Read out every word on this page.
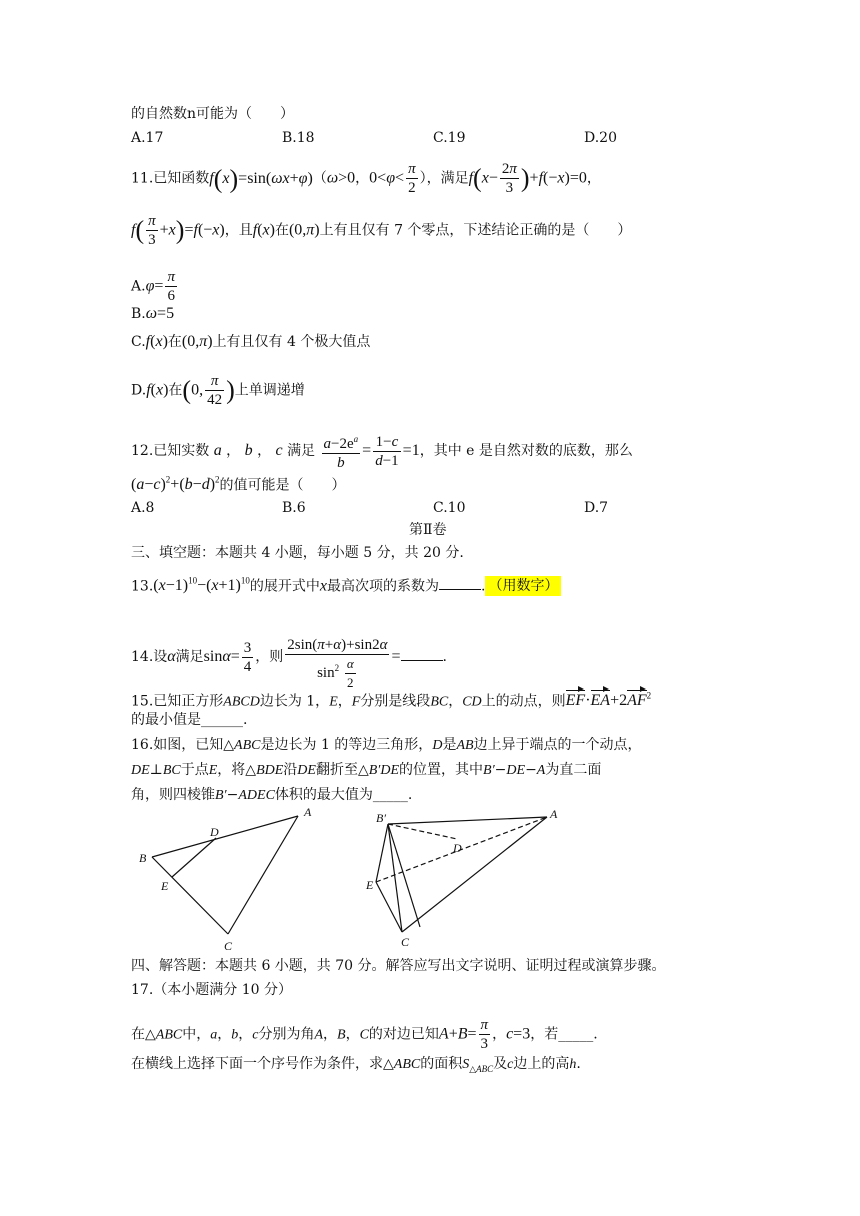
的自然数n可能为（　　）
A.17	B.18	C.19	D.20
11.已知函数f(x)=sin(ωx+φ)（ω>0，$0<\varphi< \frac{\pi}{2}$ ），满足$f(x- \frac{2\pi}{3} )+f(-x)=0$，
$f( \frac{\pi}{3} +x)=f(-x)$，且f(x)在(0,π)上有且仅有 7 个零点，下述结论正确的是（　　）
$A.\varphi= \frac{\pi}{6}$
B.ω=5
C.f(x)在(0,π)上有且仅有 4 个极大值点
D.f(x)在(0, $\frac{\pi}{42}$ )上单调递增
12.已知实数 a ， b ， c 满足 $\frac{a-2e^a}{b} = \frac{1-c}{d-1} =1$，其中 e 是自然对数的底数，那么
$(a-c)^2+(b-d)^2$的值可能是（　　）
A.8	B.6	C.10	D.7
第Ⅱ卷
三、填空题：本题共 4 小题，每小题 5 分，共 20 分.
$13.(x-1)^{10}-(x+1)^{10}$的展开式中x最高次项的系数为	. （用数字）
14.设α满足$\sin\alpha= \frac{3}{4}$ ，则 $\frac{2\sin(\pi+\alpha)+\sin 2\alpha}{\sin^2 \frac{\alpha}{2}}$ =	.
15.已知正方形ABCD边长为 1，E，F分别是线段BC，CD上的动点，则$EF\cdot EA+2AF^2$
的最小值是______.
16.如图，已知△ABC是边长为 1 的等边三角形，D是AB边上异于端点的一个动点，
DE⊥BC于点E，将△BDE沿DE翻折至△B′DE的位置，其中B′−DE−A为直二面
角，则四棱锥B′−ADEC体积的最大值为_____.
A
B
C
D
E
B′	A
D
E
C
四、解答题：本题共 6 小题，共 70 分。解答应写出文字说明、证明过程或演算步骤。
17.（本小题满分 10 分）
在△ABC中，a，b，c分别为角A，B，C的对边已知$A+B= \frac{\pi}{3}$ ，c=3，若_____.
在横线上选择下面一个序号作为条件，求△ABC的面积$S_{\triangle ABC}$及c边上的高h.
